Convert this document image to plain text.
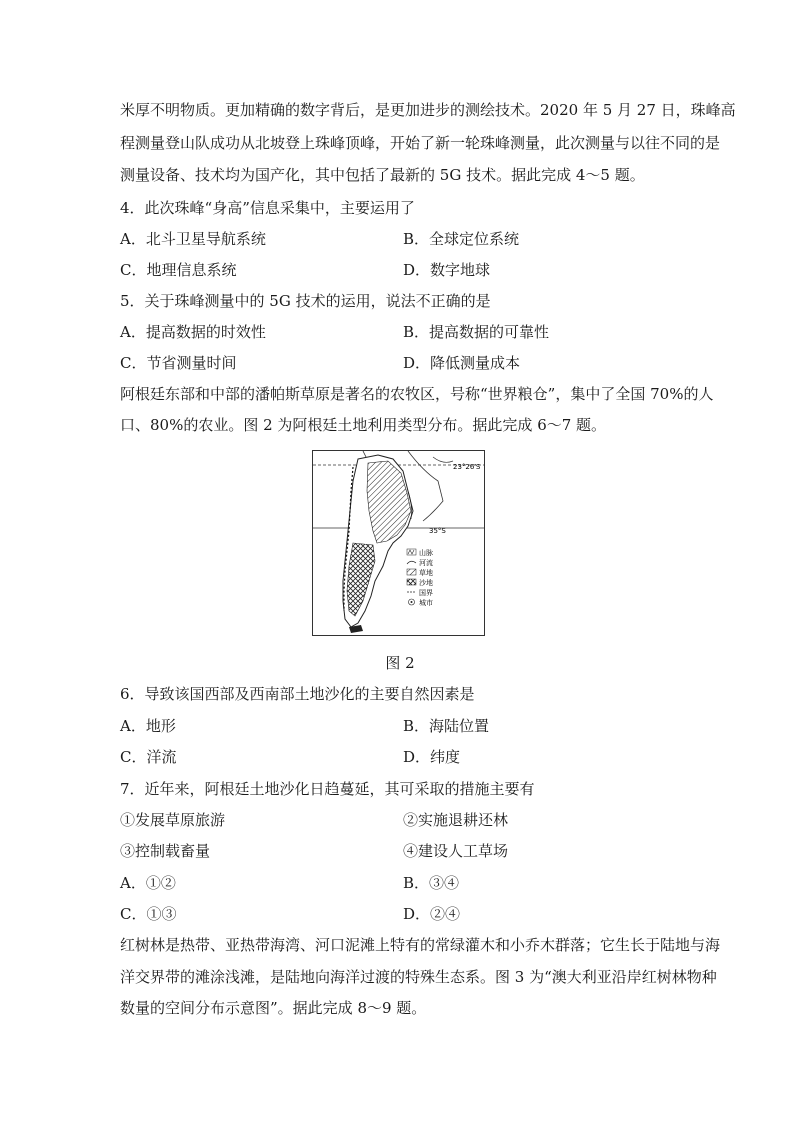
米厚不明物质。更加精确的数字背后，是更加进步的测绘技术。2020 年 5 月 27 日，珠峰高
程测量登山队成功从北坡登上珠峰顶峰，开始了新一轮珠峰测量，此次测量与以往不同的是
测量设备、技术均为国产化，其中包括了最新的 5G 技术。据此完成 4～5 题。
4．此次珠峰“身高”信息采集中，主要运用了
A．北斗卫星导航系统	B．全球定位系统
C．地理信息系统	D．数字地球
5．关于珠峰测量中的 5G 技术的运用，说法不正确的是
A．提高数据的时效性	B．提高数据的可靠性
C．节省测量时间	D．降低测量成本
阿根廷东部和中部的潘帕斯草原是著名的农牧区，号称“世界粮仓”，集中了全国 70%的人
口、80%的农业。图 2 为阿根廷土地利用类型分布。据此完成 6～7 题。
23°26′S
35°S
山脉
河流
草地
沙地
国界
城市
图 2
6．导致该国西部及西南部土地沙化的主要自然因素是
A．地形	B．海陆位置
C．洋流	D．纬度
7．近年来，阿根廷土地沙化日趋蔓延，其可采取的措施主要有
①发展草原旅游	②实施退耕还林
③控制载畜量	④建设人工草场
A．①②	B．③④
C．①③	D．②④
红树林是热带、亚热带海湾、河口泥滩上特有的常绿灌木和小乔木群落；它生长于陆地与海
洋交界带的滩涂浅滩，是陆地向海洋过渡的特殊生态系。图 3 为“澳大利亚沿岸红树林物种
数量的空间分布示意图”。据此完成 8～9 题。
